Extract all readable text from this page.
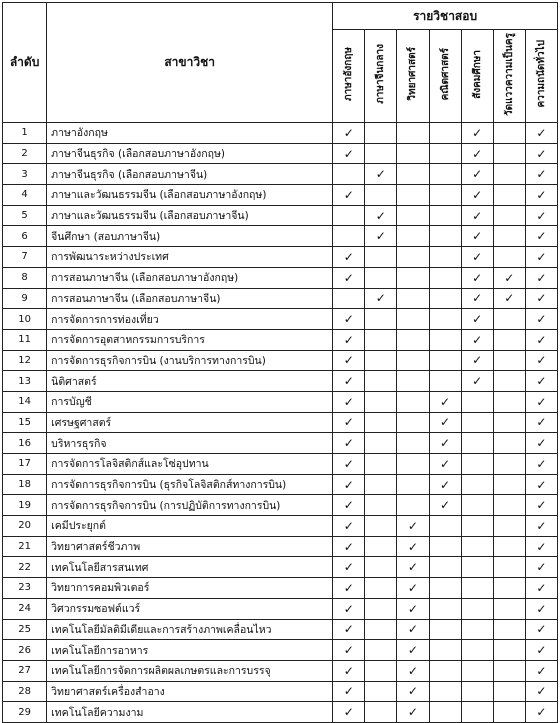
ลำดับ	สาขาวิชา	รายวิชาสอบ						
		ภาษาอังกฤษ	ภาษาจีนกลาง	วิทยาศาสตร์	คณิตศาสตร์	สังคมศึกษา	วัดแววความเป็นครู	ความถนัดทั่วไป
1	ภาษาอังกฤษ	✓				✓		✓
2	ภาษาจีนธุรกิจ (เลือกสอบภาษาอังกฤษ)	✓				✓		✓
3	ภาษาจีนธุรกิจ (เลือกสอบภาษาจีน)		✓			✓		✓
4	ภาษาและวัฒนธรรมจีน (เลือกสอบภาษาอังกฤษ)	✓				✓		✓
5	ภาษาและวัฒนธรรมจีน (เลือกสอบภาษาจีน)		✓			✓		✓
6	จีนศึกษา (สอบภาษาจีน)		✓			✓		✓
7	การพัฒนาระหว่างประเทศ	✓				✓		✓
8	การสอนภาษาจีน (เลือกสอบภาษาอังกฤษ)	✓				✓	✓	✓
9	การสอนภาษาจีน (เลือกสอบภาษาจีน)		✓			✓	✓	✓
10	การจัดการการท่องเที่ยว	✓				✓		✓
11	การจัดการอุตสาหกรรมการบริการ	✓				✓		✓
12	การจัดการธุรกิจการบิน (งานบริการทางการบิน)	✓				✓		✓
13	นิติศาสตร์	✓				✓		✓
14	การบัญชี	✓			✓			✓
15	เศรษฐศาสตร์	✓			✓			✓
16	บริหารธุรกิจ	✓			✓			✓
17	การจัดการโลจิสติกส์และโซ่อุปทาน	✓			✓			✓
18	การจัดการธุรกิจการบิน (ธุรกิจโลจิสติกส์ทางการบิน)	✓			✓			✓
19	การจัดการธุรกิจการบิน (การปฏิบัติการทางการบิน)	✓			✓			✓
20	เคมีประยุกต์	✓		✓				✓
21	วิทยาศาสตร์ชีวภาพ	✓		✓				✓
22	เทคโนโลยีสารสนเทศ	✓		✓				✓
23	วิทยาการคอมพิวเตอร์	✓		✓				✓
24	วิศวกรรมซอฟต์แวร์	✓		✓				✓
25	เทคโนโลยีมัลติมีเดียและการสร้างภาพเคลื่อนไหว	✓		✓				✓
26	เทคโนโลยีการอาหาร	✓		✓				✓
27	เทคโนโลยีการจัดการผลิตผลเกษตรและการบรรจุ	✓		✓				✓
28	วิทยาศาสตร์เครื่องสำอาง	✓		✓				✓
29	เทคโนโลยีความงาม	✓		✓				✓
